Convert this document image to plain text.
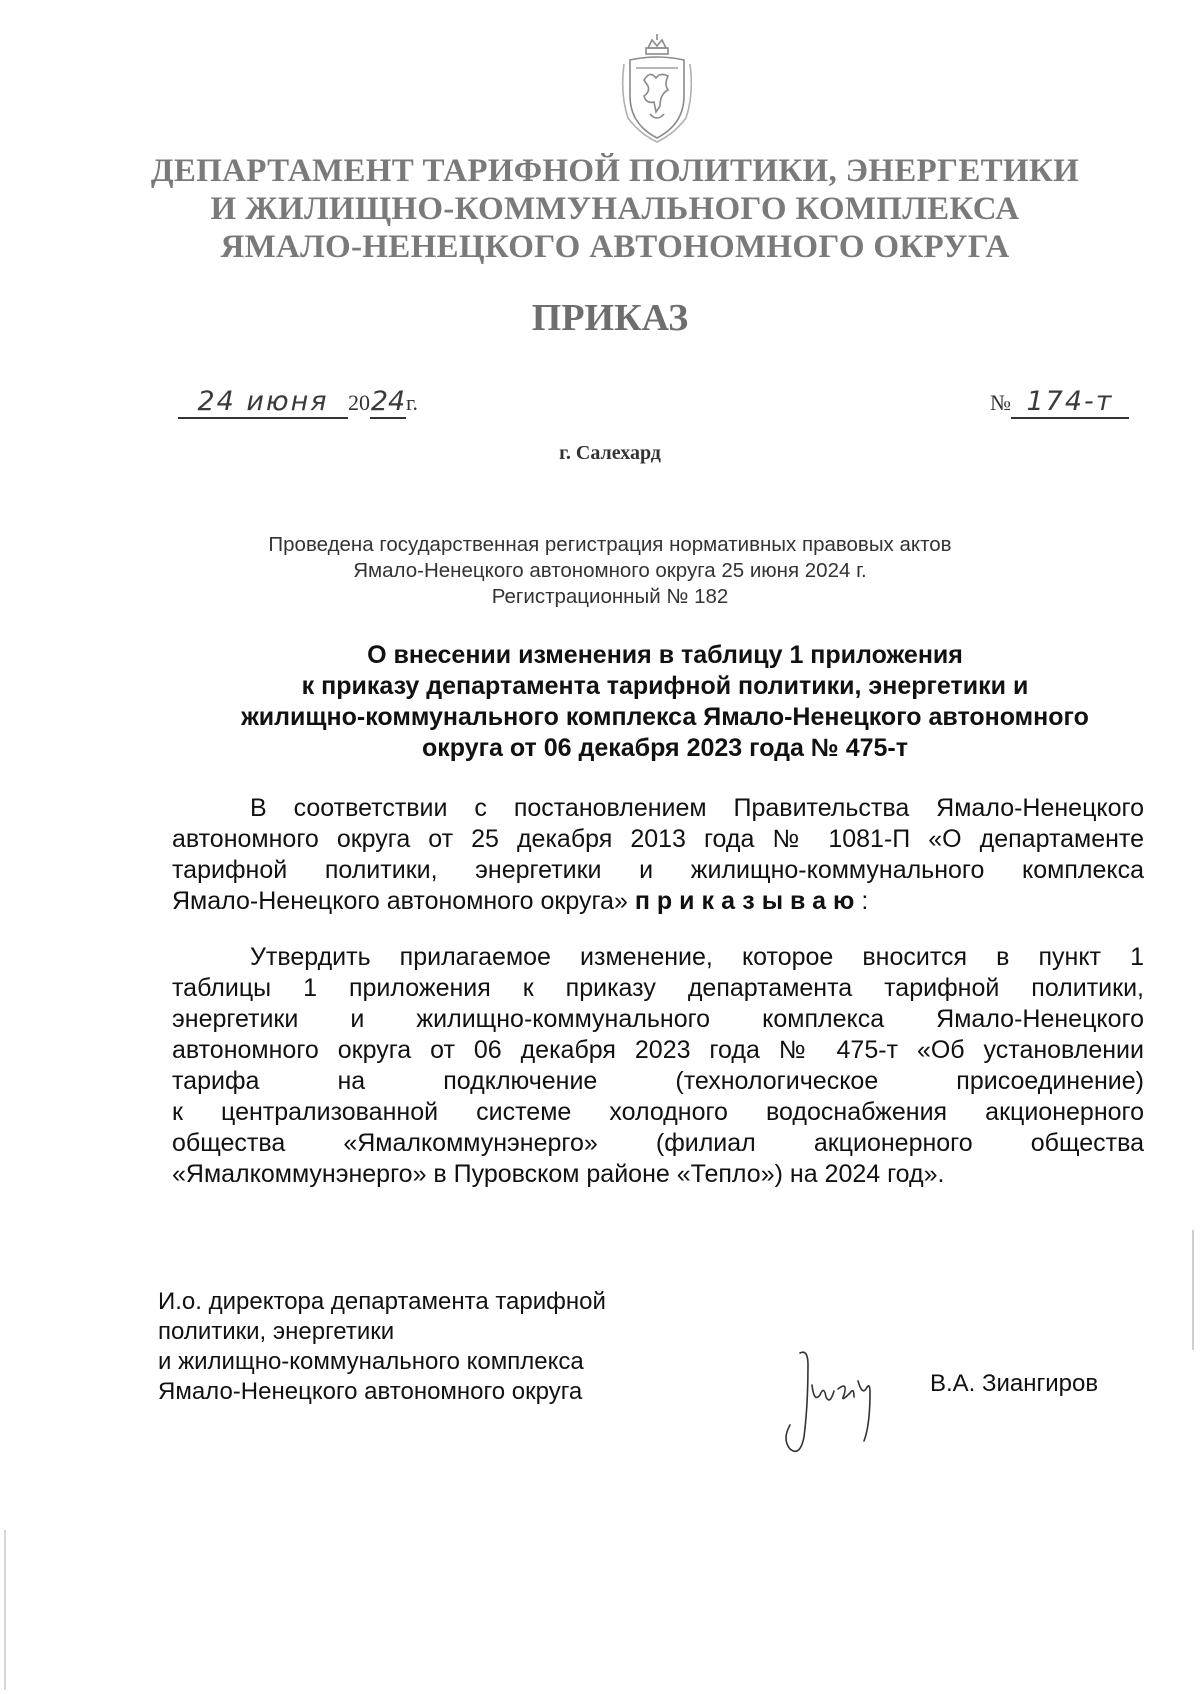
ДЕПАРТАМЕНТ ТАРИФНОЙ ПОЛИТИКИ, ЭНЕРГЕТИКИ
И ЖИЛИЩНО-КОММУНАЛЬНОГО КОМПЛЕКСА
ЯМАЛО-НЕНЕЦКОГО АВТОНОМНОГО ОКРУГА
ПРИКАЗ
24 июня 2024г.	№ 174-т
г. Салехард
Проведена государственная регистрация нормативных правовых актов
Ямало-Ненецкого автономного округа 25 июня 2024 г.
Регистрационный № 182
О внесении изменения в таблицу 1 приложения
к приказу департамента тарифной политики, энергетики и
жилищно-коммунального комплекса Ямало-Ненецкого автономного
округа от 06 декабря 2023 года № 475-т
В соответствии с постановлением Правительства Ямало-Ненецкого
автономного округа от 25 декабря 2013 года № 1081-П «О департаменте
тарифной политики, энергетики и жилищно-коммунального комплекса
Ямало-Ненецкого автономного округа» приказываю:
Утвердить прилагаемое изменение, которое вносится в пункт 1
таблицы 1 приложения к приказу департамента тарифной политики,
энергетики и жилищно-коммунального комплекса Ямало-Ненецкого
автономного округа от 06 декабря 2023 года № 475-т «Об установлении
тарифа на подключение (технологическое присоединение)
к централизованной системе холодного водоснабжения акционерного
общества «Ямалкоммунэнерго» (филиал акционерного общества
«Ямалкоммунэнерго» в Пуровском районе «Тепло») на 2024 год».
И.о. директора департамента тарифной
политики, энергетики
и жилищно-коммунального комплекса
Ямало-Ненецкого автономного округа	В.А. Зиангиров
